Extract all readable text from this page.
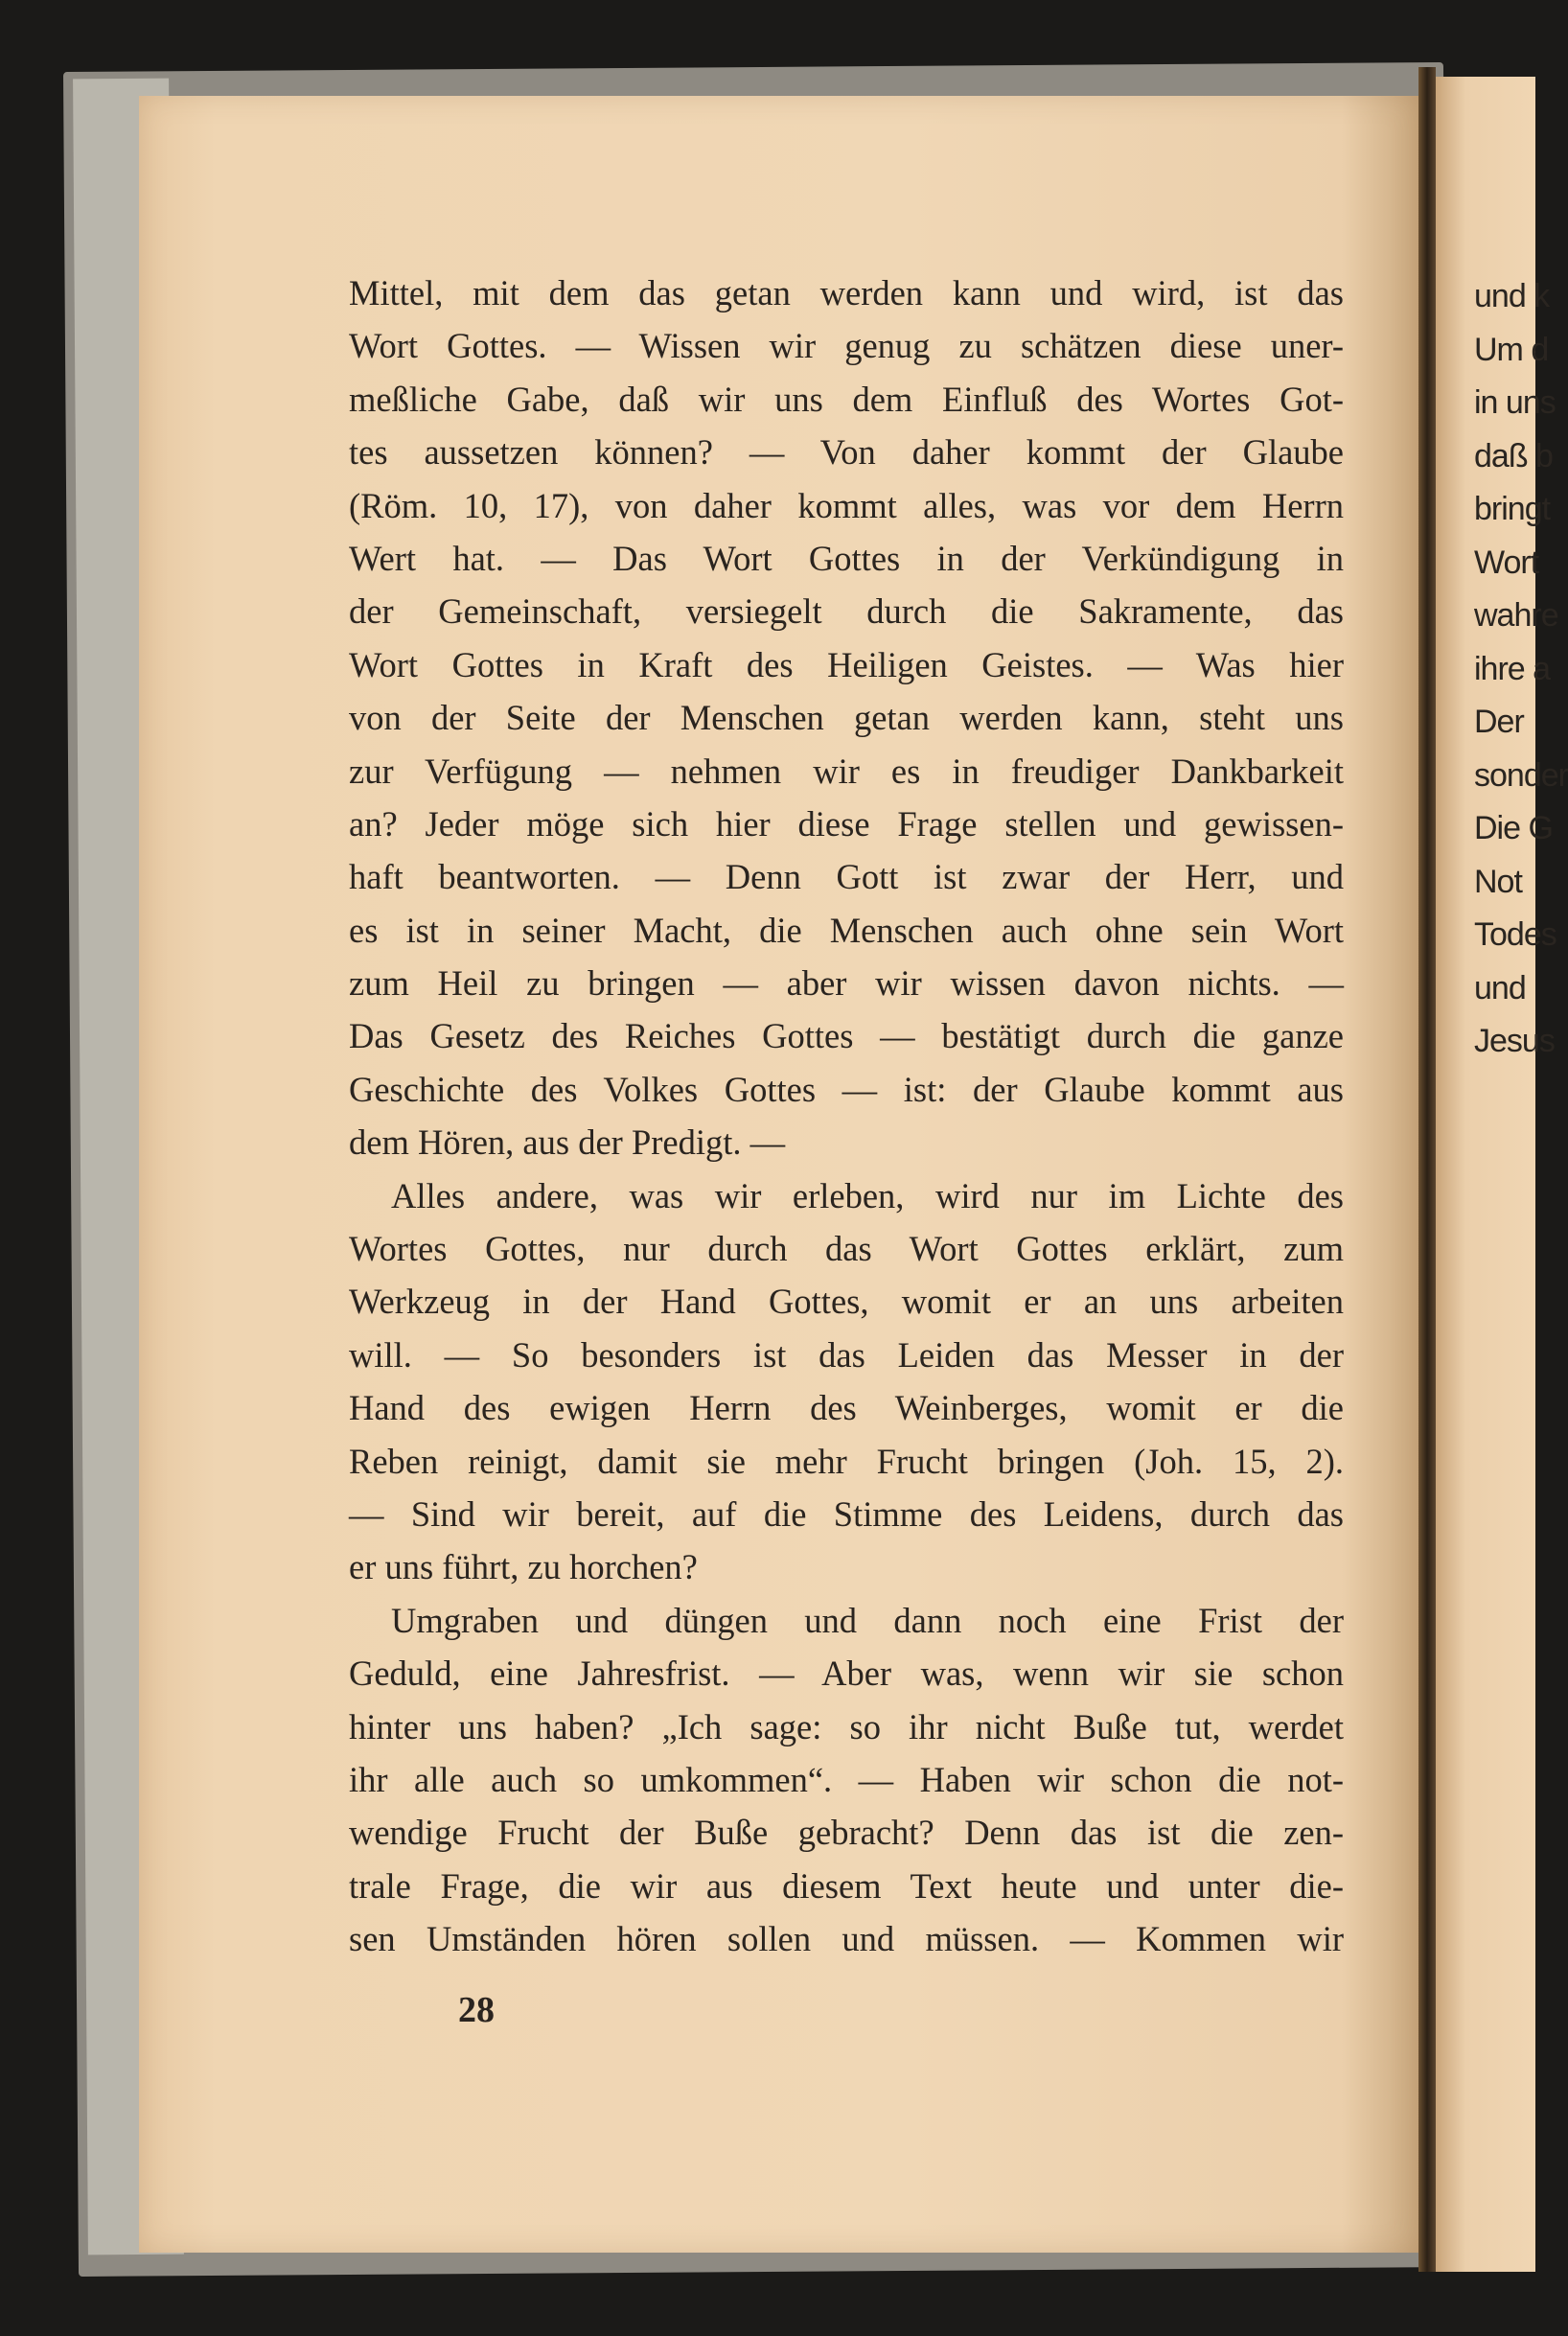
Mittel, mit dem das getan werden kann und wird, ist das
Wort Gottes. — Wissen wir genug zu schätzen diese uner-
meßliche Gabe, daß wir uns dem Einfluß des Wortes Got-
tes aussetzen können? — Von daher kommt der Glaube
(Röm. 10, 17), von daher kommt alles, was vor dem Herrn
Wert hat. — Das Wort Gottes in der Verkündigung in
der Gemeinschaft, versiegelt durch die Sakramente, das
Wort Gottes in Kraft des Heiligen Geistes. — Was hier
von der Seite der Menschen getan werden kann, steht uns
zur Verfügung — nehmen wir es in freudiger Dankbarkeit
an? Jeder möge sich hier diese Frage stellen und gewissen-
haft beantworten. — Denn Gott ist zwar der Herr, und
es ist in seiner Macht, die Menschen auch ohne sein Wort
zum Heil zu bringen — aber wir wissen davon nichts. —
Das Gesetz des Reiches Gottes — bestätigt durch die ganze
Geschichte des Volkes Gottes — ist: der Glaube kommt aus
dem Hören, aus der Predigt. —
Alles andere, was wir erleben, wird nur im Lichte des
Wortes Gottes, nur durch das Wort Gottes erklärt, zum
Werkzeug in der Hand Gottes, womit er an uns arbeiten
will. — So besonders ist das Leiden das Messer in der
Hand des ewigen Herrn des Weinberges, womit er die
Reben reinigt, damit sie mehr Frucht bringen (Joh. 15, 2).
— Sind wir bereit, auf die Stimme des Leidens, durch das
er uns führt, zu horchen?
Umgraben und düngen und dann noch eine Frist der
Geduld, eine Jahresfrist. — Aber was, wenn wir sie schon
hinter uns haben? „Ich sage: so ihr nicht Buße tut, werdet
ihr alle auch so umkommen“. — Haben wir schon die not-
wendige Frucht der Buße gebracht? Denn das ist die zen-
trale Frage, die wir aus diesem Text heute und unter die-
sen Umständen hören sollen und müssen. — Kommen wir
28
und k
Um d
in uns
daß b
bringt
Wort
wahre
ihre a
Der
sonder
Die G
Not
Todes
und
Jesus
